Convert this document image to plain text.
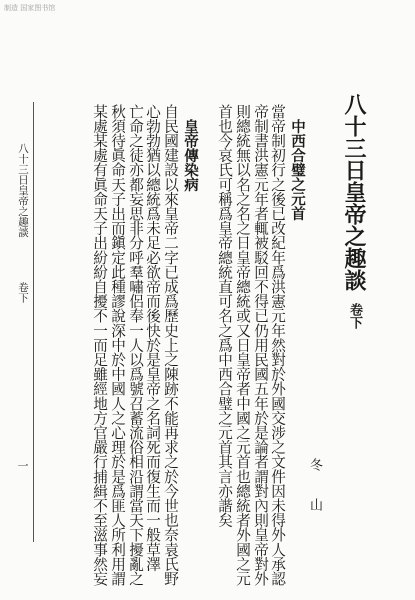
制造 国家图书馆
八十三日皇帝之趣談
卷下
冬 山
中西合璧之元首
當帝制初行之後已改紀年爲洪憲元年然對於外國交涉之文件因未得外人承認
帝制書洪憲元年者輒被駁回不得已仍用民國五年於是論者謂對內則皇帝對外
則總統無以名之名之日皇帝總統或又日皇帝者中國之元首也總統者外國之元
首也今哀氏可稱爲皇帝總統直可名之爲中西合璧之元首其言亦諧矣
皇帝傳染病
自民國建設以來皇帝二字已成爲歷史上之陳跡不能再求之於今世也奈袁氏野
心勃勃猶以總統爲未足必欲帝而後快於是皇帝之名詞死而復生而一般草澤
亡命之徒亦都妄思非分呼羣嘯侶奉一人以爲號召蓄流俗相沿謂當天下擾亂之
秋須待眞命天子出而鎭定此種謬說深中於中國人之心理於是爲匪人所利用謂
某處某處有眞命天子出紛紛自擾不一而足雖經地方官嚴行捕緝不至滋事然妄
八十三日皇帝之趣談
卷下
一
